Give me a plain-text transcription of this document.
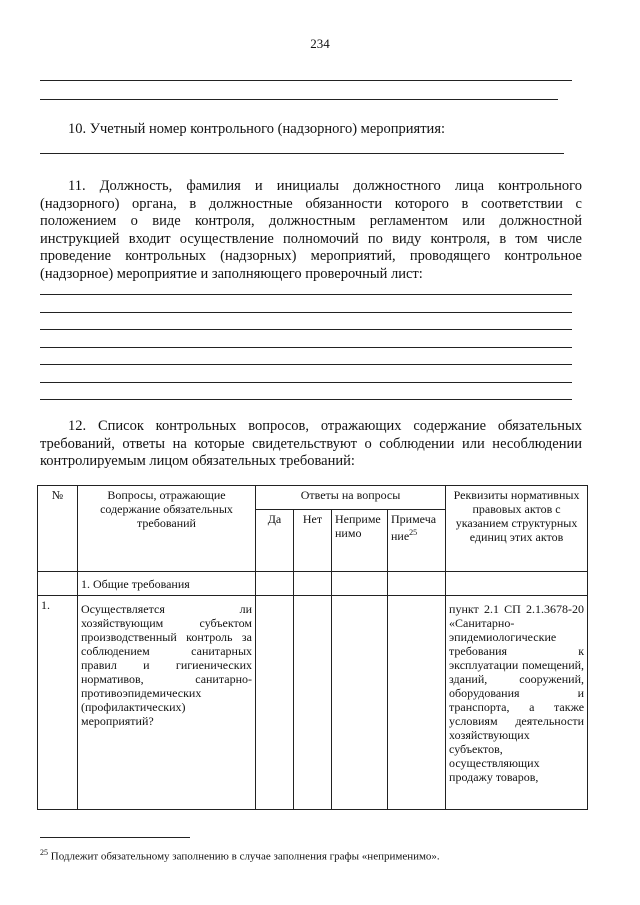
234
10. Учетный номер контрольного (надзорного) мероприятия:
11. Должность, фамилия и инициалы должностного лица контрольного (надзорного) органа, в должностные обязанности которого в соответствии с положением о виде контроля, должностным регламентом или должностной инструкцией входит осуществление полномочий по виду контроля, в том числе проведение контрольных (надзорных) мероприятий, проводящего контрольное (надзорное) мероприятие и заполняющего проверочный лист:
12. Список контрольных вопросов, отражающих содержание обязательных требований, ответы на которые свидетельствуют о соблюдении или несоблюдении контролируемым лицом обязательных требований:
№	Вопросы, отражающие содержание обязательных требований	Ответы на вопросы				Реквизиты нормативных правовых актов с указанием структурных единиц этих актов
		Да	Нет	Неприменимо	Примечание$^{25}$
	1. Общие требования					
1.	Осуществляется ли хозяйствующим субъектом производственный контроль за соблюдением санитарных правил и гигиенических нормативов, санитарно-противоэпидемических (профилактических) мероприятий?					пункт 2.1 СП 2.1.3678-20 «Санитарно-эпидемиологические требования к эксплуатации помещений, зданий, сооружений, оборудования и транспорта, а также условиям деятельности хозяйствующих субъектов, осуществляющих продажу товаров,
$^{25}$ Подлежит обязательному заполнению в случае заполнения графы «неприменимо».
